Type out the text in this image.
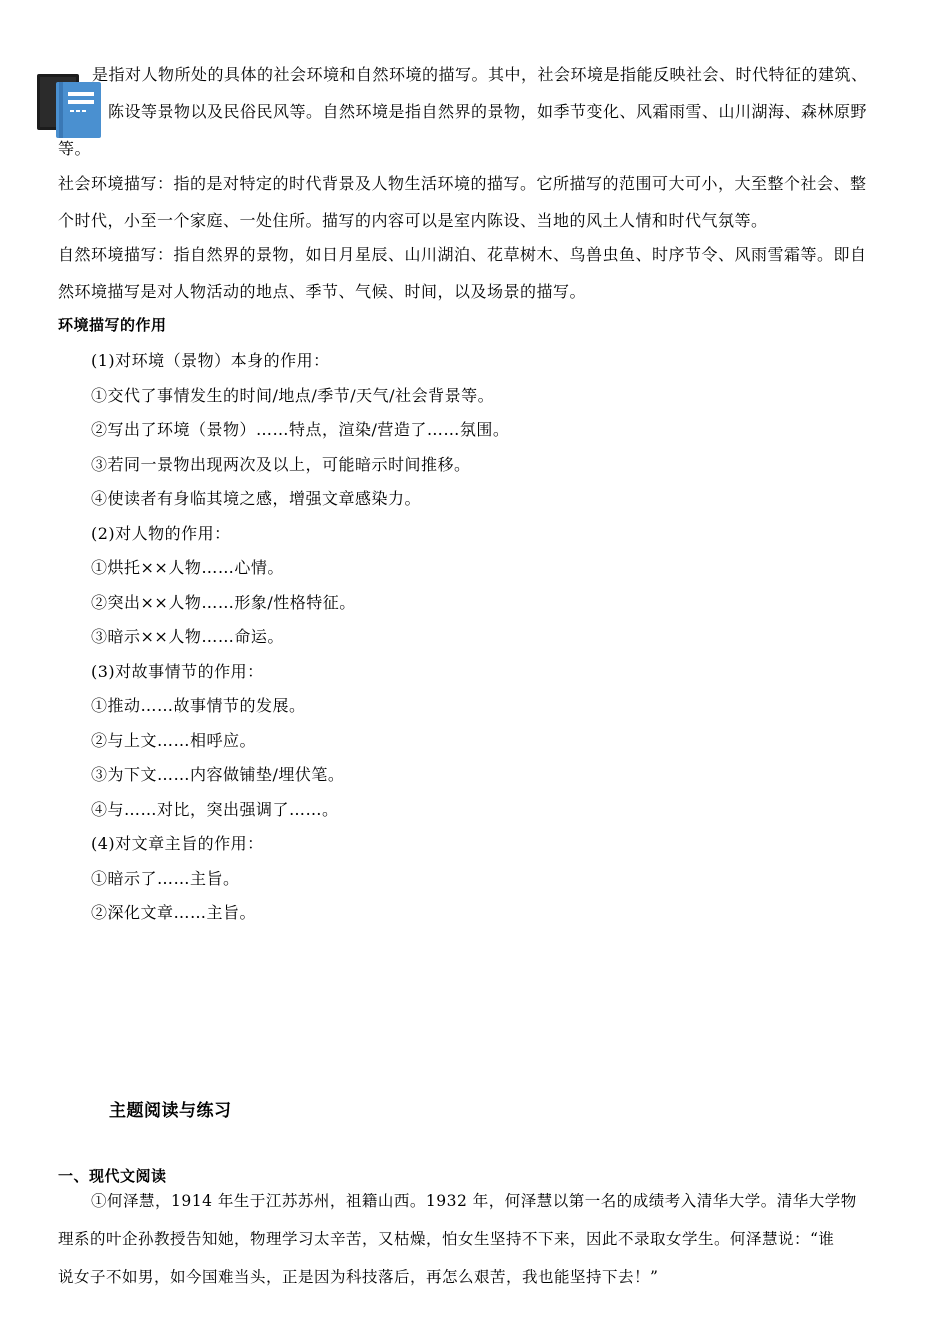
是指对人物所处的具体的社会环境和自然环境的描写。其中，社会环境是指能反映社会、时代特征的建筑、
陈设等景物以及民俗民风等。自然环境是指自然界的景物，如季节变化、风霜雨雪、山川湖海、森林原野
等。
社会环境描写：指的是对特定的时代背景及人物生活环境的描写。它所描写的范围可大可小，大至整个社会、整
个时代，小至一个家庭、一处住所。描写的内容可以是室内陈设、当地的风土人情和时代气氛等。
自然环境描写：指自然界的景物，如日月星辰、山川湖泊、花草树木、鸟兽虫鱼、时序节令、风雨雪霜等。即自
然环境描写是对人物活动的地点、季节、气候、时间，以及场景的描写。
环境描写的作用
(1)对环境（景物）本身的作用：
①交代了事情发生的时间/地点/季节/天气/社会背景等。
②写出了环境（景物）……特点，渲染/营造了……氛围。
③若同一景物出现两次及以上，可能暗示时间推移。
④使读者有身临其境之感，增强文章感染力。
(2)对人物的作用：
①烘托××人物……心情。
②突出××人物……形象/性格特征。
③暗示××人物……命运。
(3)对故事情节的作用：
①推动……故事情节的发展。
②与上文……相呼应。
③为下文……内容做铺垫/埋伏笔。
④与……对比，突出强调了……。
(4)对文章主旨的作用：
①暗示了……主旨。
②深化文章……主旨。
主题阅读与练习
一、现代文阅读
①何泽慧，1914 年生于江苏苏州，祖籍山西。1932 年，何泽慧以第一名的成绩考入清华大学。清华大学物
理系的叶企孙教授告知她，物理学习太辛苦，又枯燥，怕女生坚持不下来，因此不录取女学生。何泽慧说：“谁
说女子不如男，如今国难当头，正是因为科技落后，再怎么艰苦，我也能坚持下去！”
